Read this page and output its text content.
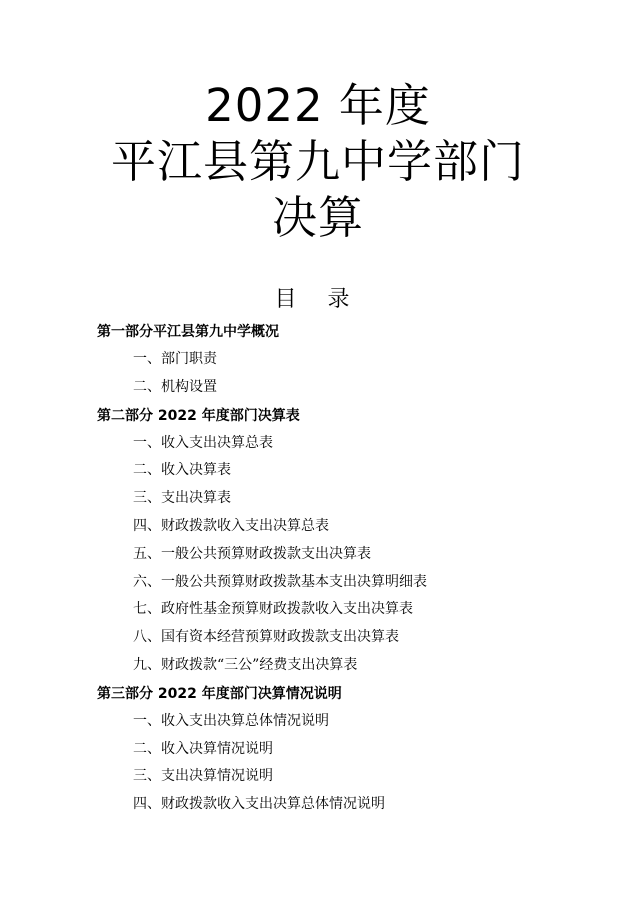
2022 年度
平江县第九中学部门
决算
目 录
第一部分平江县第九中学概况
一、部门职责
二、机构设置
第二部分 2022 年度部门决算表
一、收入支出决算总表
二、收入决算表
三、支出决算表
四、财政拨款收入支出决算总表
五、一般公共预算财政拨款支出决算表
六、一般公共预算财政拨款基本支出决算明细表
七、政府性基金预算财政拨款收入支出决算表
八、国有资本经营预算财政拨款支出决算表
九、财政拨款“三公”经费支出决算表
第三部分 2022 年度部门决算情况说明
一、收入支出决算总体情况说明
二、收入决算情况说明
三、支出决算情况说明
四、财政拨款收入支出决算总体情况说明
